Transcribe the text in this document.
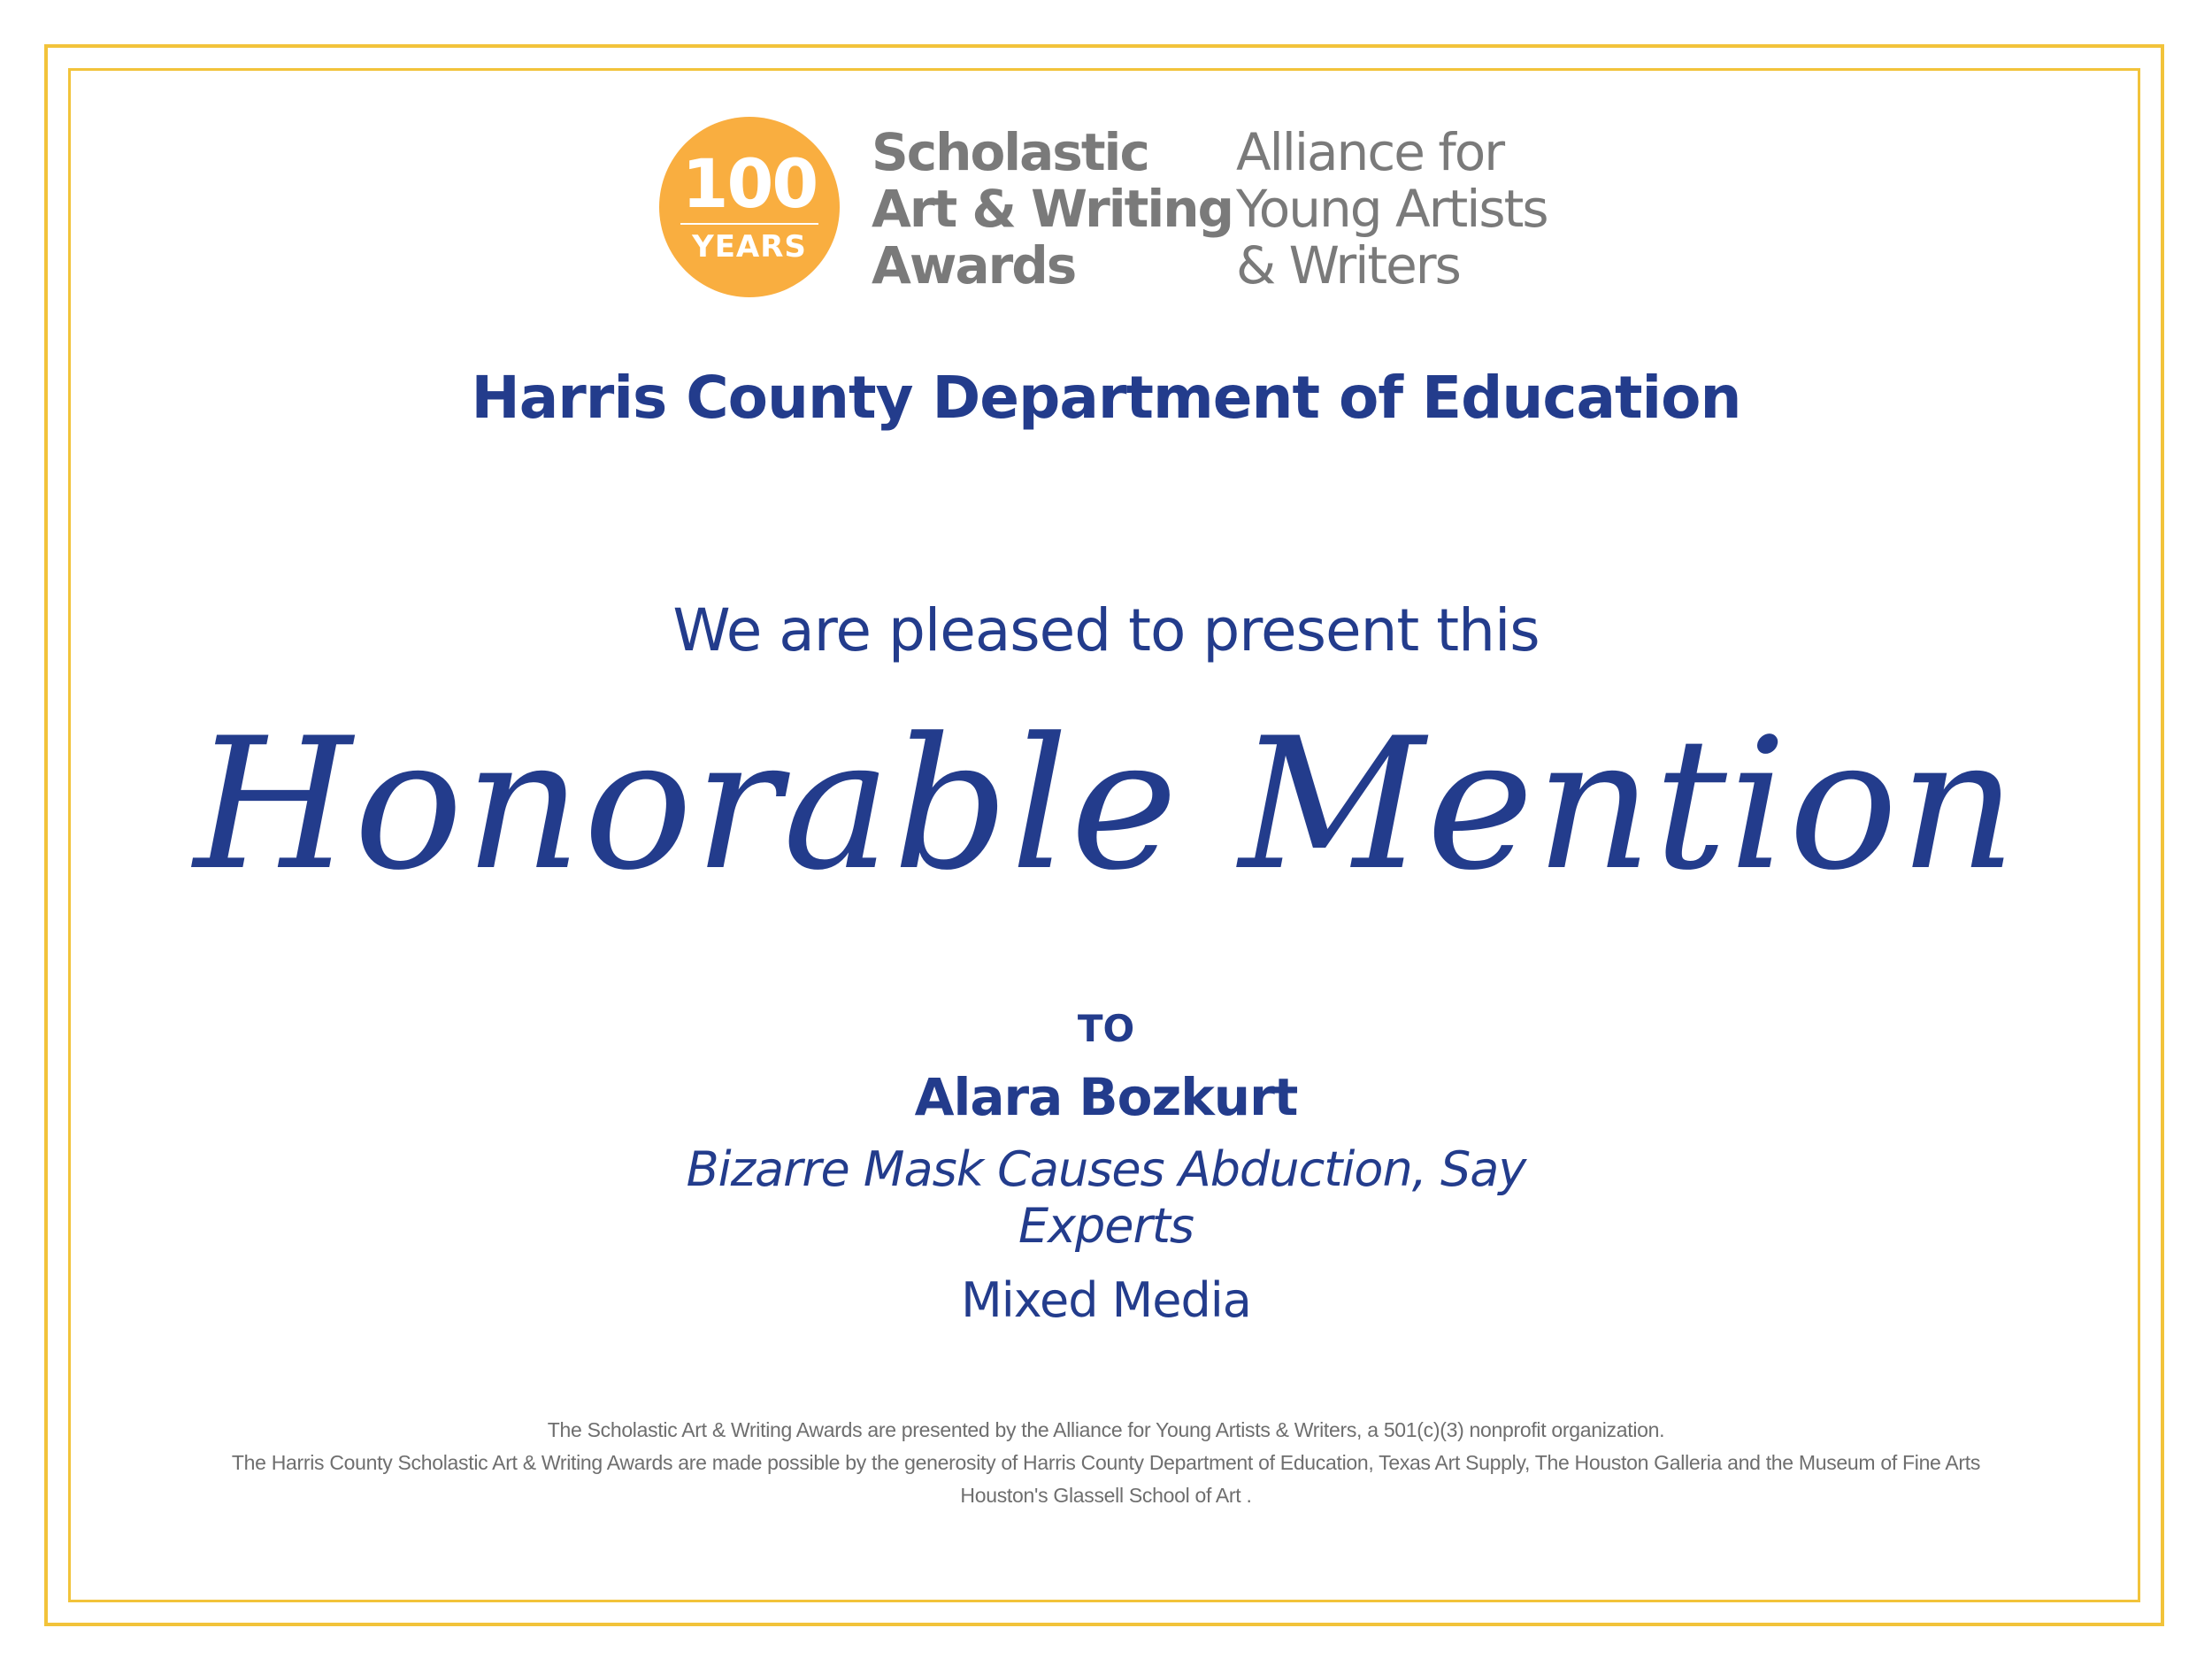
100
YEARS
Scholastic
Art & Writing
Awards
Alliance for
Young Artists
& Writers
Harris County Department of Education
We are pleased to present this
Honorable Mention
TO
Alara Bozkurt
Bizarre Mask Causes Abduction, Say Experts
Mixed Media
The Scholastic Art & Writing Awards are presented by the Alliance for Young Artists & Writers, a 501(c)(3) nonprofit organization.
The Harris County Scholastic Art & Writing Awards are made possible by the generosity of Harris County Department of Education, Texas Art Supply, The Houston Galleria and the Museum of Fine Arts
Houston's Glassell School of Art .
